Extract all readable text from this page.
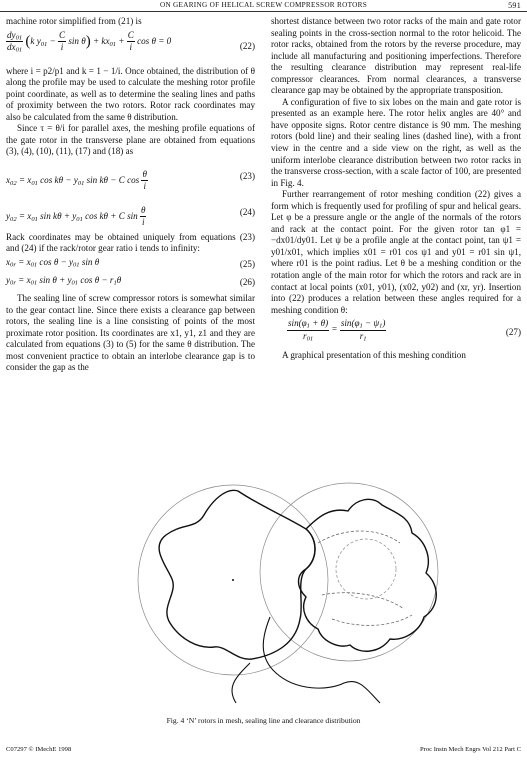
ON GEARING OF HELICAL SCREW COMPRESSOR ROTORS	591

machine rotor simplified from (21) is

$\frac{dy_{01}}{dx_{01}} (k$ $y_{01} - \frac{C}{i}$ $\sin \theta) + kx_{01} + \frac{C}{i}$ cos θ = 0
(22)

where i = p2/p1 and k = 1 − 1/i. Once obtained, the distribution of θ along the profile may be used to calculate the meshing rotor profile point coordinate, as well as to determine the sealing lines and paths of proximity between the two rotors. Rotor rack coordinates may also be calculated from the same θ distribution.

Since τ = θ/i for parallel axes, the meshing profile equations of the gate rotor in the transverse plane are obtained from equations (3), (4), (10), (11), (17) and (18) as

$x_{02} = x_{01}$ $\cos k\theta - y_{01}$ sin kθ − C $\cos \frac{\theta}{i}$	(23)
$y_{02} = x_{01}$ $\sin k\theta + y_{01}$ cos kθ + C $\sin \frac{\theta}{i}$	(24)

Rack coordinates may be obtained uniquely from equations (23) and (24) if the rack/rotor gear ratio i tends to infinity:

$x_{0r} = x_{01}$ $\cos \theta - y_{01}$ sin θ	(25)
$y_{0r} = x_{01}$ $\sin \theta + y_{01}$ $\cos \theta - r_1\theta$	(26)

The sealing line of screw compressor rotors is somewhat similar to the gear contact line. Since there exists a clearance gap between rotors, the sealing line is a line consisting of points of the most proximate rotor position. Its coordinates are x1, y1, z1 and they are calculated from equations (3) to (5) for the same θ distribution. The most convenient practice to obtain an interlobe clearance gap is to consider the gap as the

shortest distance between two rotor racks of the main and gate rotor sealing points in the cross-section normal to the rotor helicoid. The rotor racks, obtained from the rotors by the reverse procedure, may include all manufacturing and positioning imperfections. Therefore the resulting clearance distribution may represent real-life compressor clearances. From normal clearances, a transverse clearance gap may be obtained by the appropriate transposition.

A configuration of five to six lobes on the main and gate rotor is presented as an example here. The rotor helix angles are 40° and have opposite signs. Rotor centre distance is 90 mm. The meshing rotors (bold line) and their sealing lines (dashed line), with a front view in the centre and a side view on the right, as well as the uniform interlobe clearance distribution between two rotor racks in the transverse cross-section, with a scale factor of 100, are presented in Fig. 4.

Further rearrangement of rotor meshing condition (22) gives a form which is frequently used for profiling of spur and helical gears. Let φ be a pressure angle or the angle of the normals of the rotors and rack at the contact point. For the given rotor tan φ1 = −dx01/dy01. Let ψ be a profile angle at the contact point, tan ψ1 = y01/x01, which implies x01 = r01 cos ψ1 and y01 = r01 sin ψ1, where r01 is the point radius. Let θ be a meshing condition or the rotation angle of the main rotor for which the rotors and rack are in contact at local points (x01, y01), (x02, y02) and (xr, yr). Insertion into (22) produces a relation between these angles required for a meshing condition θ:

$\frac{\sin(\varphi_1 + \theta)}{r_{01}} = \frac{\sin(\varphi_1 - \psi_1)}{r_1}$	(27)

A graphical presentation of this meshing condition

Fig. 4 ‘N’ rotors in mesh, sealing line and clearance distribution
C07297 © IMechE 1998	Proc Instn Mech Engrs Vol 212 Part C
